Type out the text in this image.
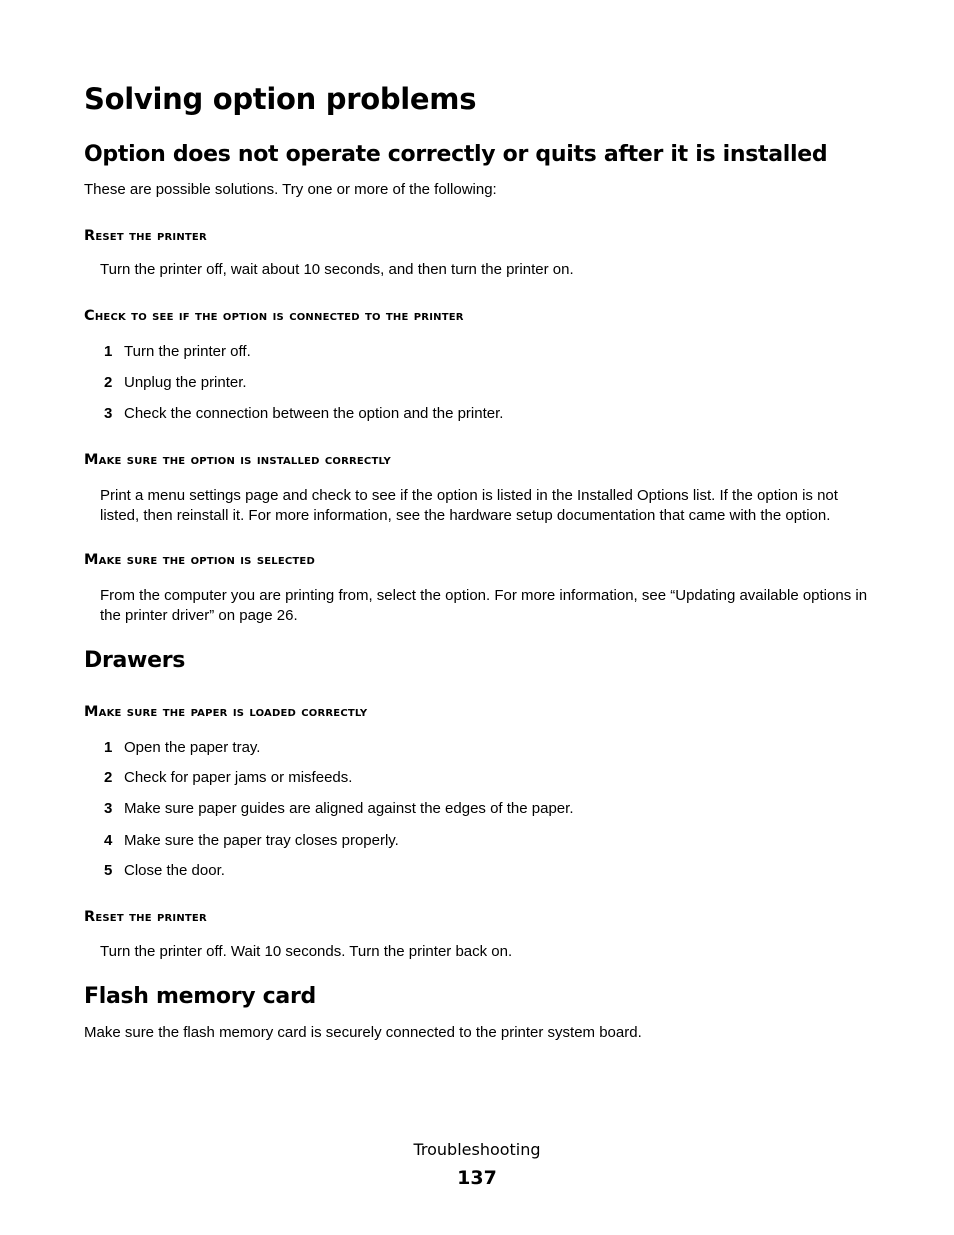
Solving option problems
Option does not operate correctly or quits after it is installed
These are possible solutions. Try one or more of the following:
Reset the printer
Turn the printer off, wait about 10 seconds, and then turn the printer on.
Check to see if the option is connected to the printer
1 Turn the printer off.
2 Unplug the printer.
3 Check the connection between the option and the printer.
Make sure the option is installed correctly
Print a menu settings page and check to see if the option is listed in the Installed Options list. If the option is not listed, then reinstall it. For more information, see the hardware setup documentation that came with the option.
Make sure the option is selected
From the computer you are printing from, select the option. For more information, see “Updating available options in the printer driver” on page 26.
Drawers
Make sure the paper is loaded correctly
1 Open the paper tray.
2 Check for paper jams or misfeeds.
3 Make sure paper guides are aligned against the edges of the paper.
4 Make sure the paper tray closes properly.
5 Close the door.
Reset the printer
Turn the printer off. Wait 10 seconds. Turn the printer back on.
Flash memory card
Make sure the flash memory card is securely connected to the printer system board.
Troubleshooting
137
